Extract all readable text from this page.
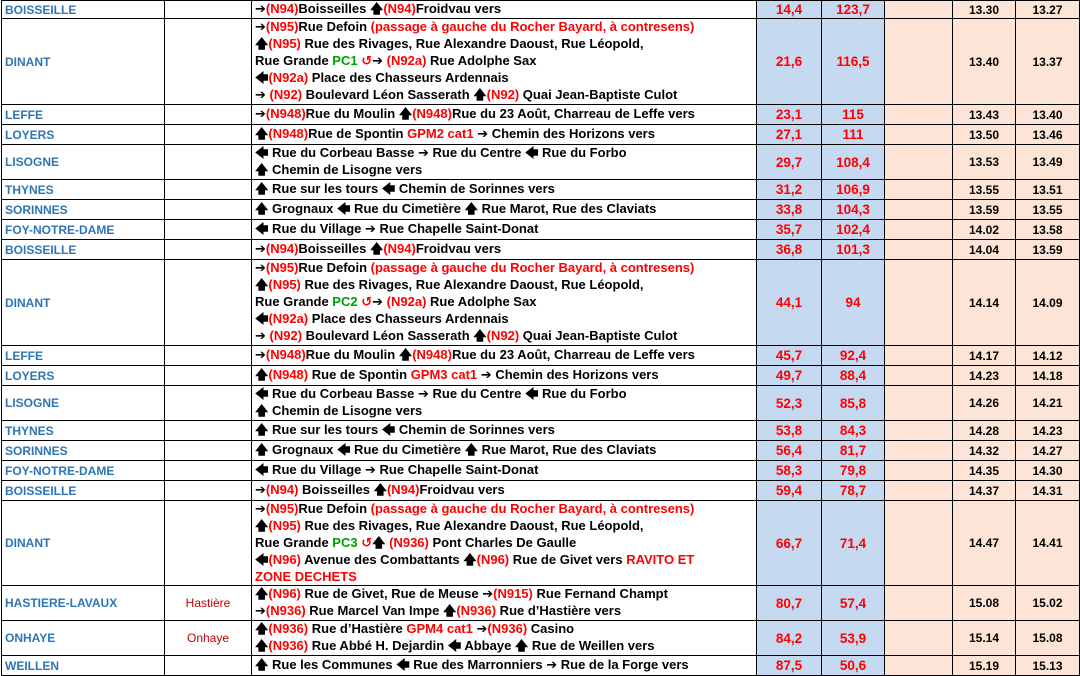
BOISSEILLE		➔(N94)Boisseilles 🡅(N94)Froidvau vers	14,4	123,7		13.30	13.27
DINANT		➔(N95)Rue Defoin (passage à gauche du Rocher Bayard, à contresens)
🡅(N95) Rue des Rivages, Rue Alexandre Daoust, Rue Léopold,
Rue Grande PC1 ↺➔ (N92a) Rue Adolphe Sax
🡄(N92a) Place des Chasseurs Ardennais
➔ (N92) Boulevard Léon Sasserath 🡅(N92) Quai Jean-Baptiste Culot	21,6	116,5		13.40	13.37
LEFFE		➔(N948)Rue du Moulin 🡅(N948)Rue du 23 Août, Charreau de Leffe vers	23,1	115		13.43	13.40
LOYERS		🡅(N948)Rue de Spontin GPM2 cat1 ➔ Chemin des Horizons vers	27,1	111		13.50	13.46
LISOGNE		🡄 Rue du Corbeau Basse ➔ Rue du Centre 🡄 Rue du Forbo
🡅 Chemin de Lisogne vers	29,7	108,4		13.53	13.49
THYNES		🡅 Rue sur les tours 🡄 Chemin de Sorinnes vers	31,2	106,9		13.55	13.51
SORINNES		🡅 Grognaux 🡄 Rue du Cimetière 🡅 Rue Marot, Rue des Claviats	33,8	104,3		13.59	13.55
FOY-NOTRE-DAME		🡄 Rue du Village ➔ Rue Chapelle Saint-Donat	35,7	102,4		14.02	13.58
BOISSEILLE		➔(N94)Boisseilles 🡅(N94)Froidvau vers	36,8	101,3		14.04	13.59
DINANT		➔(N95)Rue Defoin (passage à gauche du Rocher Bayard, à contresens)
🡅(N95) Rue des Rivages, Rue Alexandre Daoust, Rue Léopold,
Rue Grande PC2 ↺➔ (N92a) Rue Adolphe Sax
🡄(N92a) Place des Chasseurs Ardennais
➔ (N92) Boulevard Léon Sasserath 🡅(N92) Quai Jean-Baptiste Culot	44,1	94		14.14	14.09
LEFFE		➔(N948)Rue du Moulin 🡅(N948)Rue du 23 Août, Charreau de Leffe vers	45,7	92,4		14.17	14.12
LOYERS		🡅(N948) Rue de Spontin GPM3 cat1 ➔ Chemin des Horizons vers	49,7	88,4		14.23	14.18
LISOGNE		🡄 Rue du Corbeau Basse ➔ Rue du Centre 🡄 Rue du Forbo
🡅 Chemin de Lisogne vers	52,3	85,8		14.26	14.21
THYNES		🡅 Rue sur les tours 🡄 Chemin de Sorinnes vers	53,8	84,3		14.28	14.23
SORINNES		🡅 Grognaux 🡄 Rue du Cimetière 🡅 Rue Marot, Rue des Claviats	56,4	81,7		14.32	14.27
FOY-NOTRE-DAME		🡄 Rue du Village ➔ Rue Chapelle Saint-Donat	58,3	79,8		14.35	14.30
BOISSEILLE		➔(N94) Boisseilles 🡅(N94)Froidvau vers	59,4	78,7		14.37	14.31
DINANT		➔(N95)Rue Defoin (passage à gauche du Rocher Bayard, à contresens)
🡅(N95) Rue des Rivages, Rue Alexandre Daoust, Rue Léopold,
Rue Grande PC3 ↺🡅 (N936) Pont Charles De Gaulle
🡄(N96) Avenue des Combattants 🡅(N96) Rue de Givet vers RAVITO ET
ZONE DECHETS	66,7	71,4		14.47	14.41
HASTIERE-LAVAUX	Hastière	🡅(N96) Rue de Givet, Rue de Meuse ➔(N915) Rue Fernand Champt
➔(N936) Rue Marcel Van Impe 🡅(N936) Rue d’Hastière vers	80,7	57,4		15.08	15.02
ONHAYE	Onhaye	🡅(N936) Rue d’Hastière GPM4 cat1 ➔(N936) Casino
🡅(N936) Rue Abbé H. Dejardin 🡄 Abbaye 🡅 Rue de Weillen vers	84,2	53,9		15.14	15.08
WEILLEN		🡅 Rue les Communes 🡄 Rue des Marronniers ➔ Rue de la Forge vers	87,5	50,6		15.19	15.13
